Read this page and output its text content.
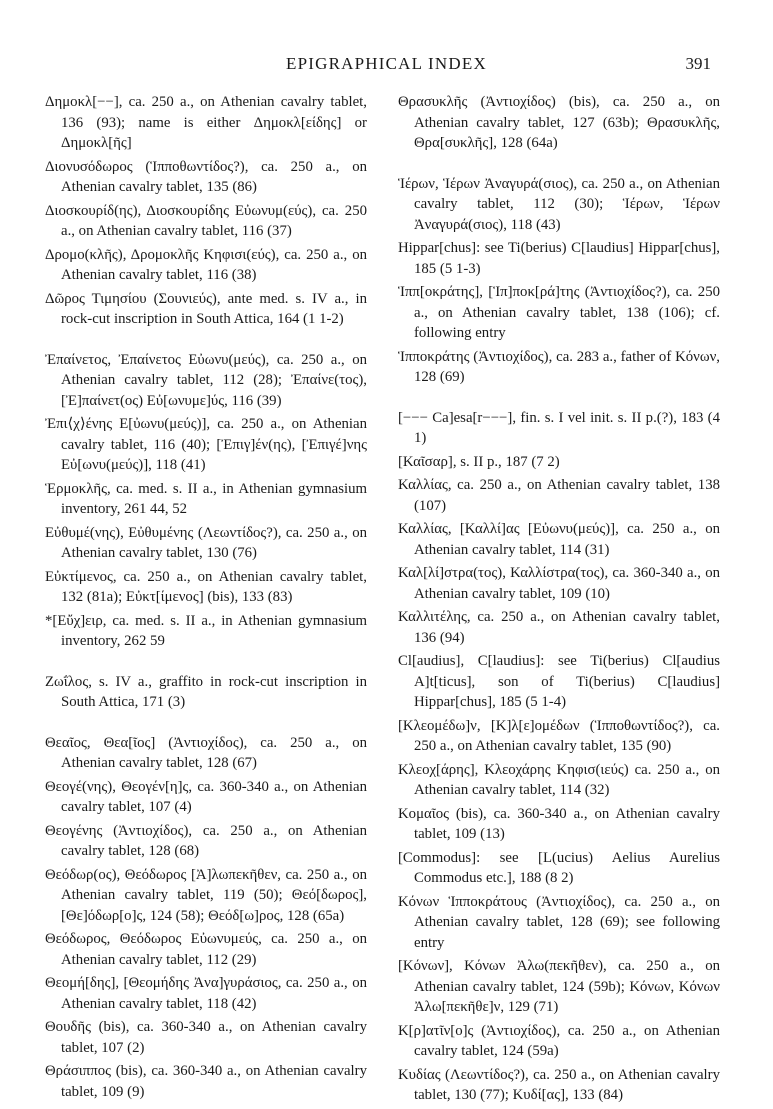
EPIGRAPHICAL INDEX	391

Δημοκλ[−−], ca. 250 a., on Athenian cavalry tablet, 136 (93); name is either Δημοκλ[είδης] or Δημοκλ[ῆς]

Διονυσόδωρος (Ἱπποθωντίδος?), ca. 250 a., on Athenian cavalry tablet, 135 (86)

Διοσκουρίδ(ης), Διοσκουρίδης Εὐωνυμ(εύς), ca. 250 a., on Athenian cavalry tablet, 116 (37)

Δρομο(κλῆς), Δρομοκλῆς Κηφισι(εύς), ca. 250 a., on Athenian cavalry tablet, 116 (38)

Δῶρος Τιμησίου (Σουνιεύς), ante med. s. IV a., in rock-cut inscription in South Attica, 164 (1 1-2)

Ἐπαίνετος, Ἐπαίνετος Εὐωνυ(μεύς), ca. 250 a., on Athenian cavalry tablet, 112 (28); Ἐπαίνε(τος), [Ἐ]παίνετ(ος) Εὐ[ωνυμε]ύς, 116 (39)

Ἐπι⟨χ⟩ένης Ε[ὐωνυ(μεύς)], ca. 250 a., on Athenian cavalry tablet, 116 (40); [Ἐπιγ]έν(ης), [Ἐπιγέ]νης Εὐ[ωνυ(μεύς)], 118 (41)

Ἑρμοκλῆς, ca. med. s. II a., in Athenian gymnasium inventory, 261 44, 52

Εὐθυμέ(νης), Εὐθυμένης (Λεωντίδος?), ca. 250 a., on Athenian cavalry tablet, 130 (76)

Εὐκτίμενος, ca. 250 a., on Athenian cavalry tablet, 132 (81a); Εὐκτ[ίμενος] (bis), 133 (83)

*[Εὔχ]ειρ, ca. med. s. II a., in Athenian gymnasium inventory, 262 59

Ζωΐλος, s. IV a., graffito in rock-cut inscription in South Attica, 171 (3)

Θεαῖος, Θεα[ῖος] (Ἀντιοχίδος), ca. 250 a., on Athenian cavalry tablet, 128 (67)

Θεογέ(νης), Θεογέν[η]ς, ca. 360-340 a., on Athenian cavalry tablet, 107 (4)

Θεογένης (Ἀντιοχίδος), ca. 250 a., on Athenian cavalry tablet, 128 (68)

Θεόδωρ(ος), Θεόδωρος [Ἀ]λωπεκῆθεν, ca. 250 a., on Athenian cavalry tablet, 119 (50); Θεό[δωρος], [Θε]όδωρ[ο]ς, 124 (58); Θεόδ[ω]ρος, 128 (65a)

Θεόδωρος, Θεόδωρος Εὐωνυμεύς, ca. 250 a., on Athenian cavalry tablet, 112 (29)

Θεομή[δης], [Θεομήδης Ἀνα]γυράσιος, ca. 250 a., on Athenian cavalry tablet, 118 (42)

Θουδῆς (bis), ca. 360-340 a., on Athenian cavalry tablet, 107 (2)

Θράσιππος (bis), ca. 360-340 a., on Athenian cavalry tablet, 109 (9)

Θρασυκλῆς (Ἀντιοχίδος) (bis), ca. 250 a., on Athenian cavalry tablet, 127 (63b); Θρασυκλῆς, Θρα[συκλῆς], 128 (64a)

Ἱέρων, Ἱέρων Ἀναγυρά(σιος), ca. 250 a., on Athenian cavalry tablet, 112 (30); Ἱέρων, Ἱέρων Ἀναγυρά(σιος), 118 (43)

Hippar[chus]: see Ti(berius) C[laudius] Hippar[chus], 185 (5 1-3)

Ἱππ[οκράτης], [Ἱπ]ποκ[ρά]της (Ἀντιοχίδος?), ca. 250 a., on Athenian cavalry tablet, 138 (106); cf. following entry

Ἱπποκράτης (Ἀντιοχίδος), ca. 283 a., father of Κόνων, 128 (69)

[−−− Ca]esa[r−−−], fin. s. I vel init. s. II p.(?), 183 (4 1)

[Καῖσαρ], s. II p., 187 (7 2)

Καλλίας, ca. 250 a., on Athenian cavalry tablet, 138 (107)

Καλλίας, [Καλλί]ας [Εὐωνυ(μεύς)], ca. 250 a., on Athenian cavalry tablet, 114 (31)

Καλ[λί]στρα(τος), Καλλίστρα(τος), ca. 360-340 a., on Athenian cavalry tablet, 109 (10)

Καλλιτέλης, ca. 250 a., on Athenian cavalry tablet, 136 (94)

Cl[audius], C[laudius]: see Ti(berius) Cl[audius A]t[ticus], son of Ti(berius) C[laudius] Hippar[chus], 185 (5 1-4)

[Κλεομέδω]ν, [Κ]λ[ε]ομέδων (Ἱπποθωντίδος?), ca. 250 a., on Athenian cavalry tablet, 135 (90)

Κλεοχ[άρης], Κλεοχάρης Κηφισ(ιεύς) ca. 250 a., on Athenian cavalry tablet, 114 (32)

Κομαῖος (bis), ca. 360-340 a., on Athenian cavalry tablet, 109 (13)

[Commodus]: see [L(ucius) Aelius Aurelius Commodus etc.], 188 (8 2)

Κόνων Ἱπποκράτους (Ἀντιοχίδος), ca. 250 a., on Athenian cavalry tablet, 128 (69); see following entry

[Κόνων], Κόνων Ἀλω(πεκῆθεν), ca. 250 a., on Athenian cavalry tablet, 124 (59b); Κόνων, Κόνων Ἀλω[πεκῆθε]ν, 129 (71)

Κ[ρ]ατῖν[ο]ς (Ἀντιοχίδος), ca. 250 a., on Athenian cavalry tablet, 124 (59a)

Κυδίας (Λεωντίδος?), ca. 250 a., on Athenian cavalry tablet, 130 (77); Κυδί[ας], 133 (84)
